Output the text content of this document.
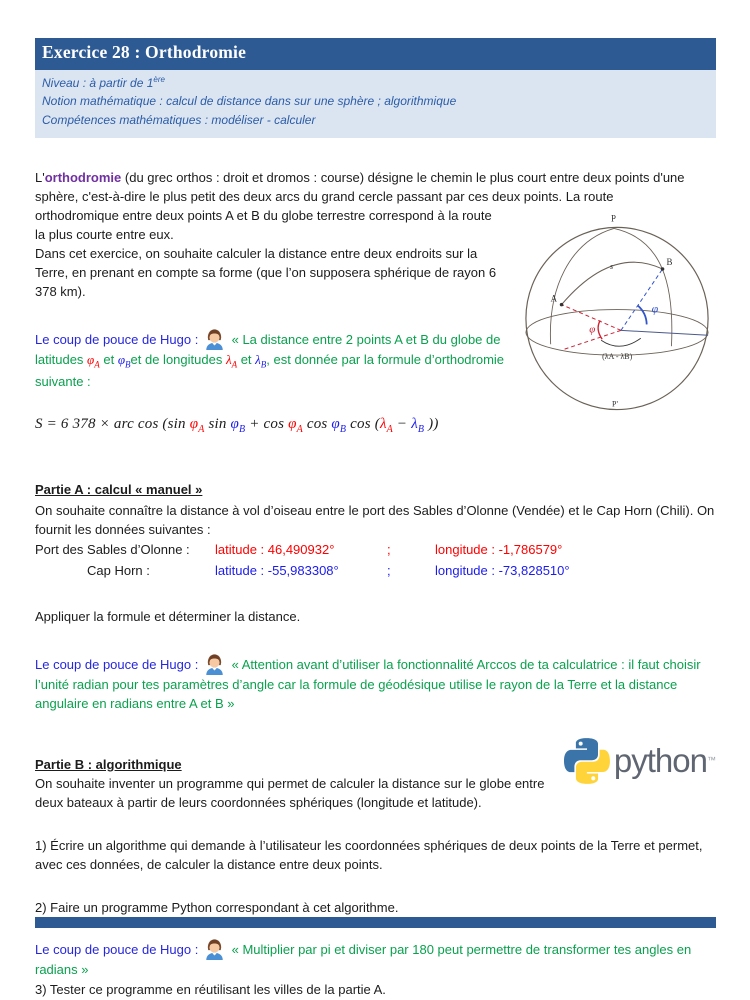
Exercice 28 : Orthodromie
Niveau : à partir de 1ère
Notion mathématique : calcul de distance dans sur une sphère ; algorithmique
Compétences mathématiques : modéliser - calculer

L'orthodromie (du grec orthos : droit et dromos : course) désigne le chemin le plus court entre deux points d'une sphère, c'est-à-dire le plus petit des deux arcs du grand cercle passant par ces deux points. La route

P
P'
A
B
s
φ
φ
(λA - λB)

orthodromique entre deux points A et B du globe terrestre correspond à la route la plus courte entre eux.

Dans cet exercice, on souhaite calculer la distance entre deux endroits sur la Terre, en prenant en compte sa forme (que l’on supposera sphérique de rayon 6 378 km).

Le coup de pouce de Hugo :	« La distance entre 2 points A et B du globe de latitudes $\varphi_A$ et $\varphi_Bet$ de longitudes $\lambda_A$ et $\lambda_B$, est donnée par la formule d’orthodromie suivante :

S = 6 378 × arc cos (sin $\varphi_A$ $\sin \varphi_B + \cos \varphi_A$ $\cos \varphi_B$ $\cos (\lambda_A - \lambda_B$ ))

Partie A : calcul « manuel »

On souhaite connaître la distance à vol d’oiseau entre le port des Sables d’Olonne (Vendée) et le Cap Horn (Chili). On fournit les données suivantes :

Port des Sables d’Olonne :	latitude : 46,490932°	;	longitude : -1,786579°
Cap Horn :	latitude : -55,983308°	;	longitude : -73,828510°

Appliquer la formule et déterminer la distance.

Le coup de pouce de Hugo :	« Attention avant d’utiliser la fonctionnalité Arccos de ta calculatrice : il faut choisir l’unité radian pour tes paramètres d’angle car la formule de géodésique utilise le rayon de la Terre et la distance angulaire en radians entre A et B »

python ™
Partie B : algorithmique

On souhaite inventer un programme qui permet de calculer la distance sur le globe entre deux bateaux à partir de leurs coordonnées sphériques (longitude et latitude).

1) Écrire un algorithme qui demande à l’utilisateur les coordonnées sphériques de deux points de la Terre et permet, avec ces données, de calculer la distance entre deux points.

2) Faire un programme Python correspondant à cet algorithme.

Le coup de pouce de Hugo :	« Multiplier par pi et diviser par 180 peut permettre de transformer tes angles en radians »

3) Tester ce programme en réutilisant les villes de la partie A.
